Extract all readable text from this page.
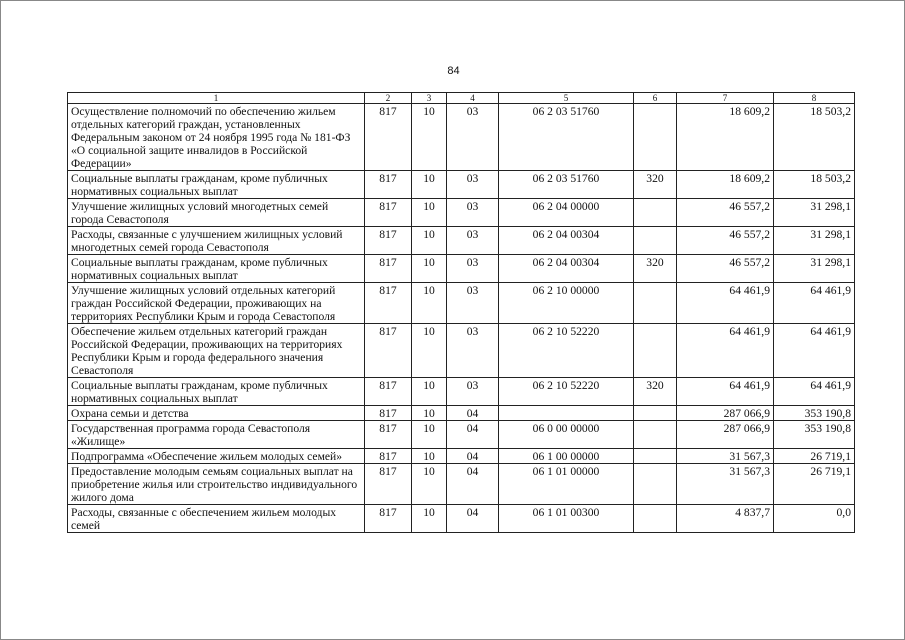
84
1	2	3	4	5	6	7	8
Осуществление полномочий по обеспечению жильем отдельных категорий граждан, установленных Федеральным законом от 24 ноября 1995 года № 181-ФЗ «О социальной защите инвалидов в Российской Федерации»	817	10	03	06 2 03 51760		18 609,2	18 503,2
Социальные выплаты гражданам, кроме публичных нормативных социальных выплат	817	10	03	06 2 03 51760	320	18 609,2	18 503,2
Улучшение жилищных условий многодетных семей города Севастополя	817	10	03	06 2 04 00000		46 557,2	31 298,1
Расходы, связанные с улучшением жилищных условий многодетных семей города Севастополя	817	10	03	06 2 04 00304		46 557,2	31 298,1
Социальные выплаты гражданам, кроме публичных нормативных социальных выплат	817	10	03	06 2 04 00304	320	46 557,2	31 298,1
Улучшение жилищных условий отдельных категорий граждан Российской Федерации, проживающих на территориях Республики Крым и города Севастополя	817	10	03	06 2 10 00000		64 461,9	64 461,9
Обеспечение жильем отдельных категорий граждан Российской Федерации, проживающих на территориях Республики Крым и города федерального значения Севастополя	817	10	03	06 2 10 52220		64 461,9	64 461,9
Социальные выплаты гражданам, кроме публичных нормативных социальных выплат	817	10	03	06 2 10 52220	320	64 461,9	64 461,9
Охрана семьи и детства	817	10	04			287 066,9	353 190,8
Государственная программа города Севастополя «Жилище»	817	10	04	06 0 00 00000		287 066,9	353 190,8
Подпрограмма «Обеспечение жильем молодых семей»	817	10	04	06 1 00 00000		31 567,3	26 719,1
Предоставление молодым семьям социальных выплат на приобретение жилья или строительство индивидуального жилого дома	817	10	04	06 1 01 00000		31 567,3	26 719,1
Расходы, связанные с обеспечением жильем молодых семей	817	10	04	06 1 01 00300		4 837,7	0,0
